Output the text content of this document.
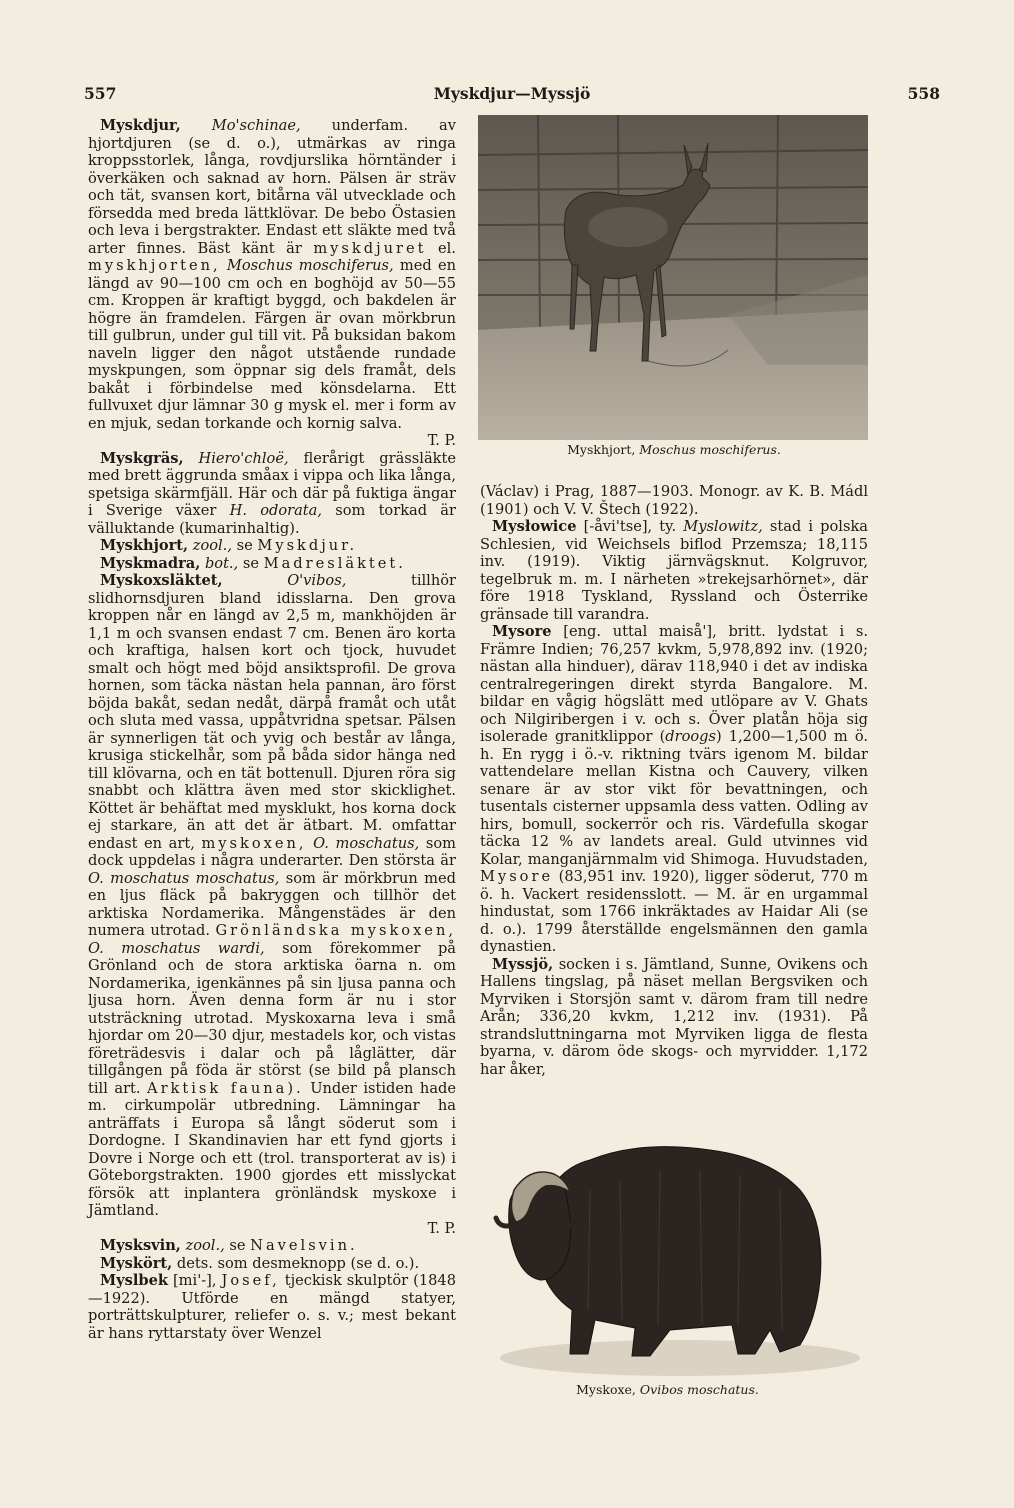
557	Myskdjur—Myssjö	558
Myskhjort, Moschus moschiferus.
Myskoxe, Ovibos moschatus.

Myskdjur, Mo'schinae, underfam. av hjortdjuren (se d. o.), utmärkas av ringa kroppsstorlek, långa, rovdjurslika hörntänder i överkäken och saknad av horn. Pälsen är sträv och tät, svansen kort, bitårna väl utvecklade och försedda med breda lättklövar. De bebo Östasien och leva i bergstrakter. Endast ett släkte med två arter finnes. Bäst känt är myskdjuret el. myskhjorten, Moschus moschiferus, med en längd av 90—100 cm och en boghöjd av 50—55 cm. Kroppen är kraftigt byggd, och bakdelen är högre än framdelen. Färgen är ovan mörkbrun till gulbrun, under gul till vit. På buksidan bakom naveln ligger den något utstående rundade myskpungen, som öppnar sig dels framåt, dels bakåt i förbindelse med könsdelarna. Ett fullvuxet djur lämnar 30 g mysk el. mer i form av en mjuk, sedan torkande och kornig salva.
T. P.

Myskgräs, Hiero'chloë, flerårigt grässläkte med brett äggrunda småax i vippa och lika långa, spetsiga skärmfjäll. Här och där på fuktiga ängar i Sverige växer H. odorata, som torkad är välluktande (kumarinhaltig).

Myskhjort, zool., se Myskdjur.

Myskmadra, bot., se Madresläktet.

Myskoxsläktet,	O'vibos, tillhör slidhornsdjuren bland idisslarna. Den grova kroppen når en längd av 2,5 m, mankhöjden är 1,1 m och svansen endast 7 cm. Benen äro korta och kraftiga, halsen kort och tjock, huvudet smalt och högt med böjd ansiktsprofil. De grova hornen, som täcka nästan hela pannan, äro först böjda bakåt, sedan nedåt, därpå framåt och utåt och sluta med vassa, uppåtvridna spetsar. Pälsen är synnerligen tät och yvig och består av långa, krusiga stickelhår, som på båda sidor hänga ned till klövarna, och en tät bottenull. Djuren röra sig snabbt och klättra även med stor skicklighet. Köttet är behäftat med mysklukt, hos korna dock ej starkare, än att det är ätbart. M. omfattar endast en art, myskoxen, O. moschatus, som dock uppdelas i några underarter. Den största är O. moschatus moschatus, som är mörkbrun med en ljus fläck på bakryggen och tillhör det arktiska Nordamerika. Mångenstädes är den numera utrotad. Grönländska myskoxen, O. moschatus wardi, som förekommer på Grönland och de stora arktiska öarna n. om Nordamerika, igenkännes på sin ljusa panna och ljusa horn. Även denna form är nu i stor utsträckning utrotad. Myskoxarna leva i små hjordar om 20—30 djur, mestadels kor, och vistas företrädesvis i dalar och på låglätter, där tillgången på föda är störst (se bild på plansch till art. Arktisk fauna). Under istiden hade m. cirkumpolär utbredning. Lämningar ha anträffats i Europa så långt söderut som i Dordogne. I Skandinavien har ett fynd gjorts i Dovre i Norge och ett (trol. transporterat av is) i Göteborgstrakten. 1900 gjordes ett misslyckat försök att inplantera grönländsk myskoxe i Jämtland.
T. P.

Mysksvin, zool., se Navelsvin.

Myskört, dets. som desmeknopp (se d. o.).

Myslbek [mi'-], Josef, tjeckisk skulptör (1848—1922). Utförde en mängd statyer, porträttskulpturer, reliefer o. s. v.; mest bekant är hans ryttarstaty över Wenzel

(Václav) i Prag, 1887—1903. Monogr. av K. B. Mádl (1901) och V. V. Štech (1922).

Mysłowice [-åvi'tse], ty. Myslowitz, stad i polska Schlesien, vid Weichsels biflod Przemsza; 18,115 inv. (1919). Viktig järnvägsknut. Kolgruvor, tegelbruk m. m. I närheten »trekejsarhörnet», där före 1918 Tyskland, Ryssland och Österrike gränsade till varandra.

Mysore [eng. uttal maiså'], britt. lydstat i s. Främre Indien; 76,257 kvkm, 5,978,892 inv. (1920; nästan alla hinduer), därav 118,940 i det av indiska centralregeringen direkt styrda Bangalore. M. bildar en vågig högslätt med utlöpare av V. Ghats och Nilgiribergen i v. och s. Över platån höja sig isolerade granitklippor (droogs) 1,200—1,500 m ö. h. En rygg i ö.-v. riktning tvärs igenom M. bildar vattendelare mellan Kistna och Cauvery, vilken senare är av stor vikt för bevattningen, och tusentals cisterner uppsamla dess vatten. Odling av hirs, bomull, sockerrör och ris. Värdefulla skogar täcka 12 % av landets areal. Guld utvinnes vid Kolar, manganjärnmalm vid Shimoga. Huvudstaden, Mysore (83,951 inv. 1920), ligger söderut, 770 m ö. h. Vackert residensslott. — M. är en urgammal hindustat, som 1766 inkräktades av Haidar Ali (se d. o.). 1799 återställde engelsmännen den gamla dynastien.

Myssjö, socken i s. Jämtland, Sunne, Ovikens och Hallens tingslag, på näset mellan Bergsviken och Myrviken i Storsjön samt v. därom fram till nedre Arån; 336,20 kvkm, 1,212 inv. (1931). På strandsluttningarna mot Myrviken ligga de flesta byarna, v. därom öde skogs- och myrvidder. 1,172 har åker,
